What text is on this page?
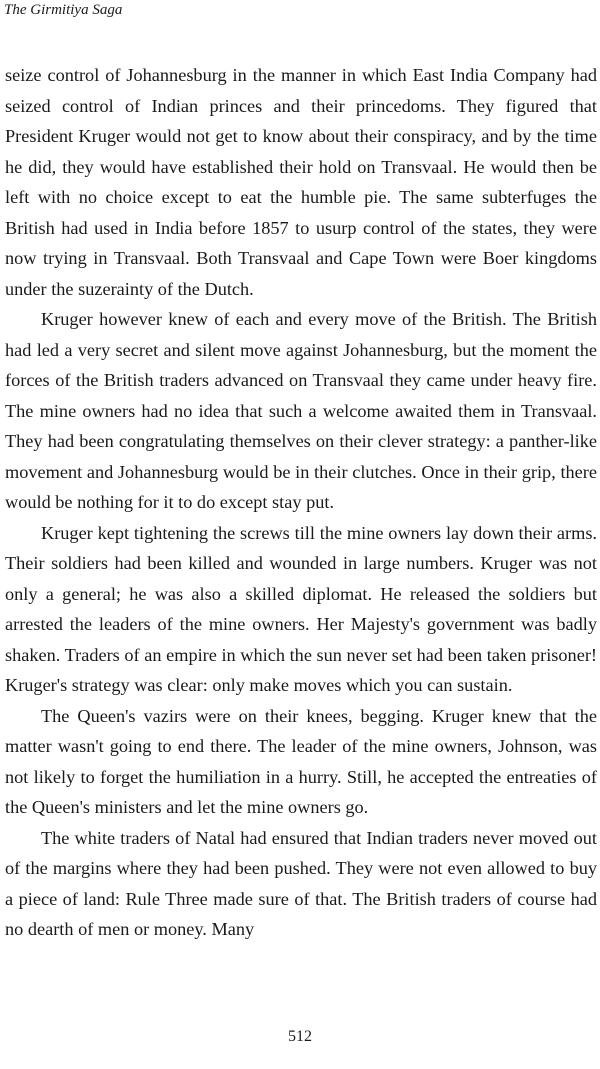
The Girmitiya Saga

seize control of Johannesburg in the manner in which East India Company had seized control of Indian princes and their princedoms. They figured that President Kruger would not get to know about their conspiracy, and by the time he did, they would have established their hold on Transvaal. He would then be left with no choice except to eat the humble pie. The same subterfuges the British had used in India before 1857 to usurp control of the states, they were now trying in Transvaal. Both Transvaal and Cape Town were Boer kingdoms under the suzerainty of the Dutch.

Kruger however knew of each and every move of the British. The British had led a very secret and silent move against Johannesburg, but the moment the forces of the British traders advanced on Transvaal they came under heavy fire. The mine owners had no idea that such a welcome awaited them in Transvaal. They had been congratulating themselves on their clever strategy: a panther-like movement and Johannesburg would be in their clutches. Once in their grip, there would be nothing for it to do except stay put.

Kruger kept tightening the screws till the mine owners lay down their arms. Their soldiers had been killed and wounded in large numbers. Kruger was not only a general; he was also a skilled diplomat. He released the soldiers but arrested the leaders of the mine owners. Her Majesty's government was badly shaken. Traders of an empire in which the sun never set had been taken prisoner! Kruger's strategy was clear: only make moves which you can sustain.

The Queen's vazirs were on their knees, begging. Kruger knew that the matter wasn't going to end there. The leader of the mine owners, Johnson, was not likely to forget the humiliation in a hurry. Still, he accepted the entreaties of the Queen's ministers and let the mine owners go.

The white traders of Natal had ensured that Indian traders never moved out of the margins where they had been pushed. They were not even allowed to buy a piece of land: Rule Three made sure of that. The British traders of course had no dearth of men or money. Many

512
